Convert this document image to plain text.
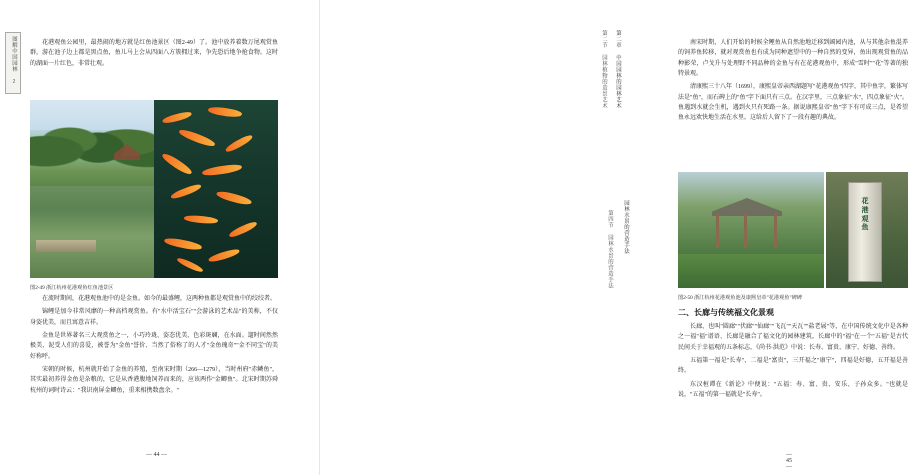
图解中国园林 2	花港观鱼公园里，最热闹的地方就是红鱼池景区（图2-49）了。池中放养着数万尾观赏鱼群，游在池子边上都是黑点鱼，鱼儿马上会从四面八方簇拥过来，争先恐后地争抢食物。这时的湖面一片红色，非常壮观。

图2-49 浙江杭州花港观鱼红鱼池景区

在流时期间，花港观鱼池中的是金鱼。如今的最盛鲤，这两种鱼都是观赏鱼中的绞绞者。

锦鲤是加今非常风靡的一种高档观赏鱼。有"水中活宝石""会游泳的艺术品"的美称，不仅身姿优美，而且寓意吉祥。

金鱼是世界著名三大观赏鱼之一，小巧玲珑、姿态优美、色彩斑斓，在水面。遛时间然然极美，泥受人们的喜爱，被誉为"金鱼"誉价、当然了俗称了的人才"金鱼瑰奇""金不同宝"的美好称呼。

宋朝的时候，杭州就开始了金鱼的养殖，至南宋时期（266—1279），当时州府"赤鳞鱼"，其实最初养得金鱼是杂粮的，它是从香港腹地饲养而来的，应该两作"金鲫鱼"。北宋时期苏舜杭州的词时诗云："我识南屏金鲫鱼，重来相携数盘余。"

— 44 —

南宋时期，人们开始的时候全鲤鱼从自然池地迁移到阔园内池，从与其他杂鱼混养的饲养鱼转移，就对观赏鱼也有成为同种遮望中的一种自然的变异，鱼出现观赏鱼的品种影荣，卢戈升与处理野不同品种的金鱼与有在花港观鱼中，形成"雪时""花"等著的独特景观。

清康熙三十八年（1699），康熙皇帝亲西湖题写"花港观鱼"四字，其中鱼字，繁体写法是"鱼"，而石碑上的"鱼"字下面只有三点。在汉字里，三点象征"水"，四点象征"火"。鱼遇到水就会生机，遇到火只有死路一条。据说康熙皇帝"鱼"字下有可成三点，是希望鱼永远欢快地生活在水里。这给后人留下了一段有趣的典故。

花
港
观
鱼
图2-50 浙江杭州花港观鱼池及康熙皇帝"花港观鱼"碑碑
二、长廊与传统福文化景观

长廊，也叫"圆廊""伏廊""仙廊""飞瓦""天瓦""盐老展"等，在中国传统文化中是各种之一福"福"谱语、长廊是融合了福文化的园林建筑，长廊中的"福"在一个"五福"是古代民间关于幸福观的五条标志，《尚书·洪范》中说：长寿、富贵、康宁、好德、善终。

五福第一福是"长寿"，二福是"富贵"，三开福之"康宁"，四福是好德，五开福是善终。

东汉桓谭在《新论》中便说："五福：寿、富、贵、安乐、子孙众多。"也就是说，"五福"的第一福就是"长寿"。

— 45 —
第二章 中国园林的园林艺术
第二节 园林植物的造景艺术
园林水景的营造手法
第四节 园林水景的营造手法
